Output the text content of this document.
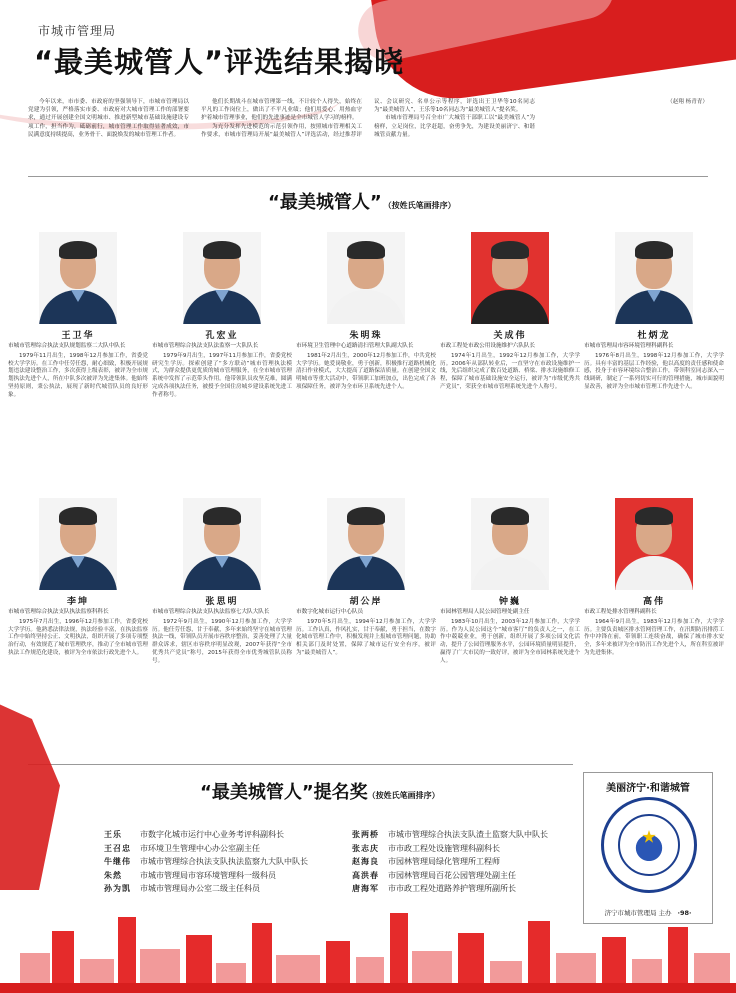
市城市管理局
“最美城管人”评选结果揭晓

今年以来，市市委、市政府的坚强领导下，市城市管理局以党建为引领，严格落实市委、市政府对大城市管理工作的部署要求，通过开展创建全国文明城市、推进新型城市基础设施建设专项工作，担当作为，砥砺前行，城市管理工作取得显著成效，市民满意度持续提高，业务骨干、面貌焕发的城市管理工作者。

他们长期战斗在城市管理第一线，不计较个人得失，始终在平凡的工作岗位上，做出了不平凡业绩；他们用爱心、用热血守护着城市管理事业，他们的先进事迹是全市城管人学习的榜样。

为充分发挥先进模范的示范引领作用，按照城市管理相关工作要求，市城市管理局开展“最美城管人”评选活动，经过推荐评议、会议研究、名单公示等程序，评选出王卫华等10名同志为“最美城管人”，王乐等10名同志为“最美城管人”提名奖。

市城市管理局号召全市广大城管干部职工以“最美城管人”为榜样，立足岗位，比学赶超，奋勇争先，为建设美丽济宁、和谐城管贡献力量。

（赵翔 杨青青）

“最美城管人” （按姓氏笔画排序）
王卫华
市城市管理综合执法支队规划监察二大队中队长
1979年11月出生，1998年12月参加工作，省委党校大学学历。在工作中任劳任怨，耐心细致，积极开展规划违法建设整治工作，多次获得上级表彰，被评为全市规划执法先进个人，所在中队多次被评为先进集体。他始终坚持原则，秉公执法，展现了新时代城管队员的良好形象。
孔宏业
市城市管理综合执法支队法监察一大队队长
1979年9月出生，1997年11月参加工作，省委党校研究生学历。探索创建了“多方联动”城市管理执法模式，为群众提供更优质的城市管理服务，在全市城市管理系统中发挥了示范带头作用。他带领队员攻坚克难，圆满完成各项执法任务，被授予全国住房城乡建设系统先进工作者称号。
朱明珠
市环境卫生管理中心道路清扫管理大队副大队长
1981年2月出生，2000年12月参加工作，中共党校大学学历。她爱岗敬业，勇于创新，积极推行道路机械化清扫作业模式，大大提高了道路保洁质量。在创建全国文明城市等重大活动中，带领职工加班加点，出色完成了各项保障任务，被评为全市环卫系统先进个人。
关成伟
市政工程处市政公用设施维护六队队长
1974年1月出生，1992年12月参加工作，大学学历。2006年从部队转业后，一直坚守在市政设施维护一线，先后组织完成了数百处道路、桥梁、排水设施维修工程，保障了城市基础设施安全运行，被评为“市级优秀共产党员”，荣获全市城市管理系统先进个人称号。
杜炳龙
市城市管理局市容环境管理科副科长
1976年8月出生，1998年12月参加工作，大学学历。具有丰富的基层工作经验，他以高度的责任感和使命感，投身于市容环境综合整治工作，带领科室同志深入一线调研，制定了一系列切实可行的管理措施，城市面貌明显改善，被评为全市城市管理工作先进个人。
李坤
市城市管理综合执法支队执法监察科科长
1975年7月出生，1996年12月参加工作，省委党校大学学历。他熟悉法律法规，执法经验丰富，在执法监察工作中始终坚持公正、文明执法，组织开展了多项专项整治行动，有效规范了城市管理秩序，推动了全市城市管理执法工作规范化建设，被评为全市依法行政先进个人。
张思明
市城市管理综合执法支队执法监察七大队大队长
1972年9月出生，1990年12月参加工作，大学学历。他任劳任怨，甘于奉献，多年来始终坚守在城市管理执法一线，带领队员开展市容秩序整治，妥善处理了大量群众诉求，辖区市容秩序明显改观，2007年获得“全市优秀共产党员”称号，2015年获得全市优秀城管队员称号。
胡公岸
市数字化城市运行中心队员
1970年5月出生，1994年12月参加工作，大学学历。工作认真，作风扎实，甘于奉献，勇于担当，在数字化城市管理工作中，积极发现并上报城市管理问题，协助相关部门及时处置，保障了城市运行安全有序，被评为“最美城管人”。
钟巍
市园林管理局人民公园管理处副主任
1983年10月出生，2003年12月参加工作，大学学历。作为人民公园这个“城市客厅”的负责人之一，在工作中兢兢业业，勇于创新，组织开展了多项公园文化活动，提升了公园管理服务水平，公园环境质量明显提升，赢得了广大市民的一致好评，被评为全市园林系统先进个人。
高伟
市政工程处排水管理科副科长
1964年9月出生，1983年12月参加工作，大学学历。主要负责城区排水管网管理工作，在汛期防汛排涝工作中冲锋在前，带领职工连续奋战，确保了城市排水安全，多年来被评为全市防汛工作先进个人，所在科室被评为先进集体。
“最美城管人”提名奖（按姓氏笔画排序）
王乐 市数字化城市运行中心业务考评科副科长
王召忠 市环境卫生管理中心办公室副主任
牛继伟 市城市管理综合执法支队执法监察九大队中队长
朱然 市城市管理局市容环境管理科一级科员
孙为凯 市城市管理局办公室二级主任科员
张两桥 市城市管理综合执法支队渣土监察大队中队长
张志庆 市市政工程处设施管理科副科长
赵海良 市园林管理局绿化管理所工程师
高洪春 市园林管理局百花公园管理处副主任
唐海军 市市政工程处道路养护管理所副所长
美丽济宁·和谐城管
济宁市城市管理局 主办 ·98·
